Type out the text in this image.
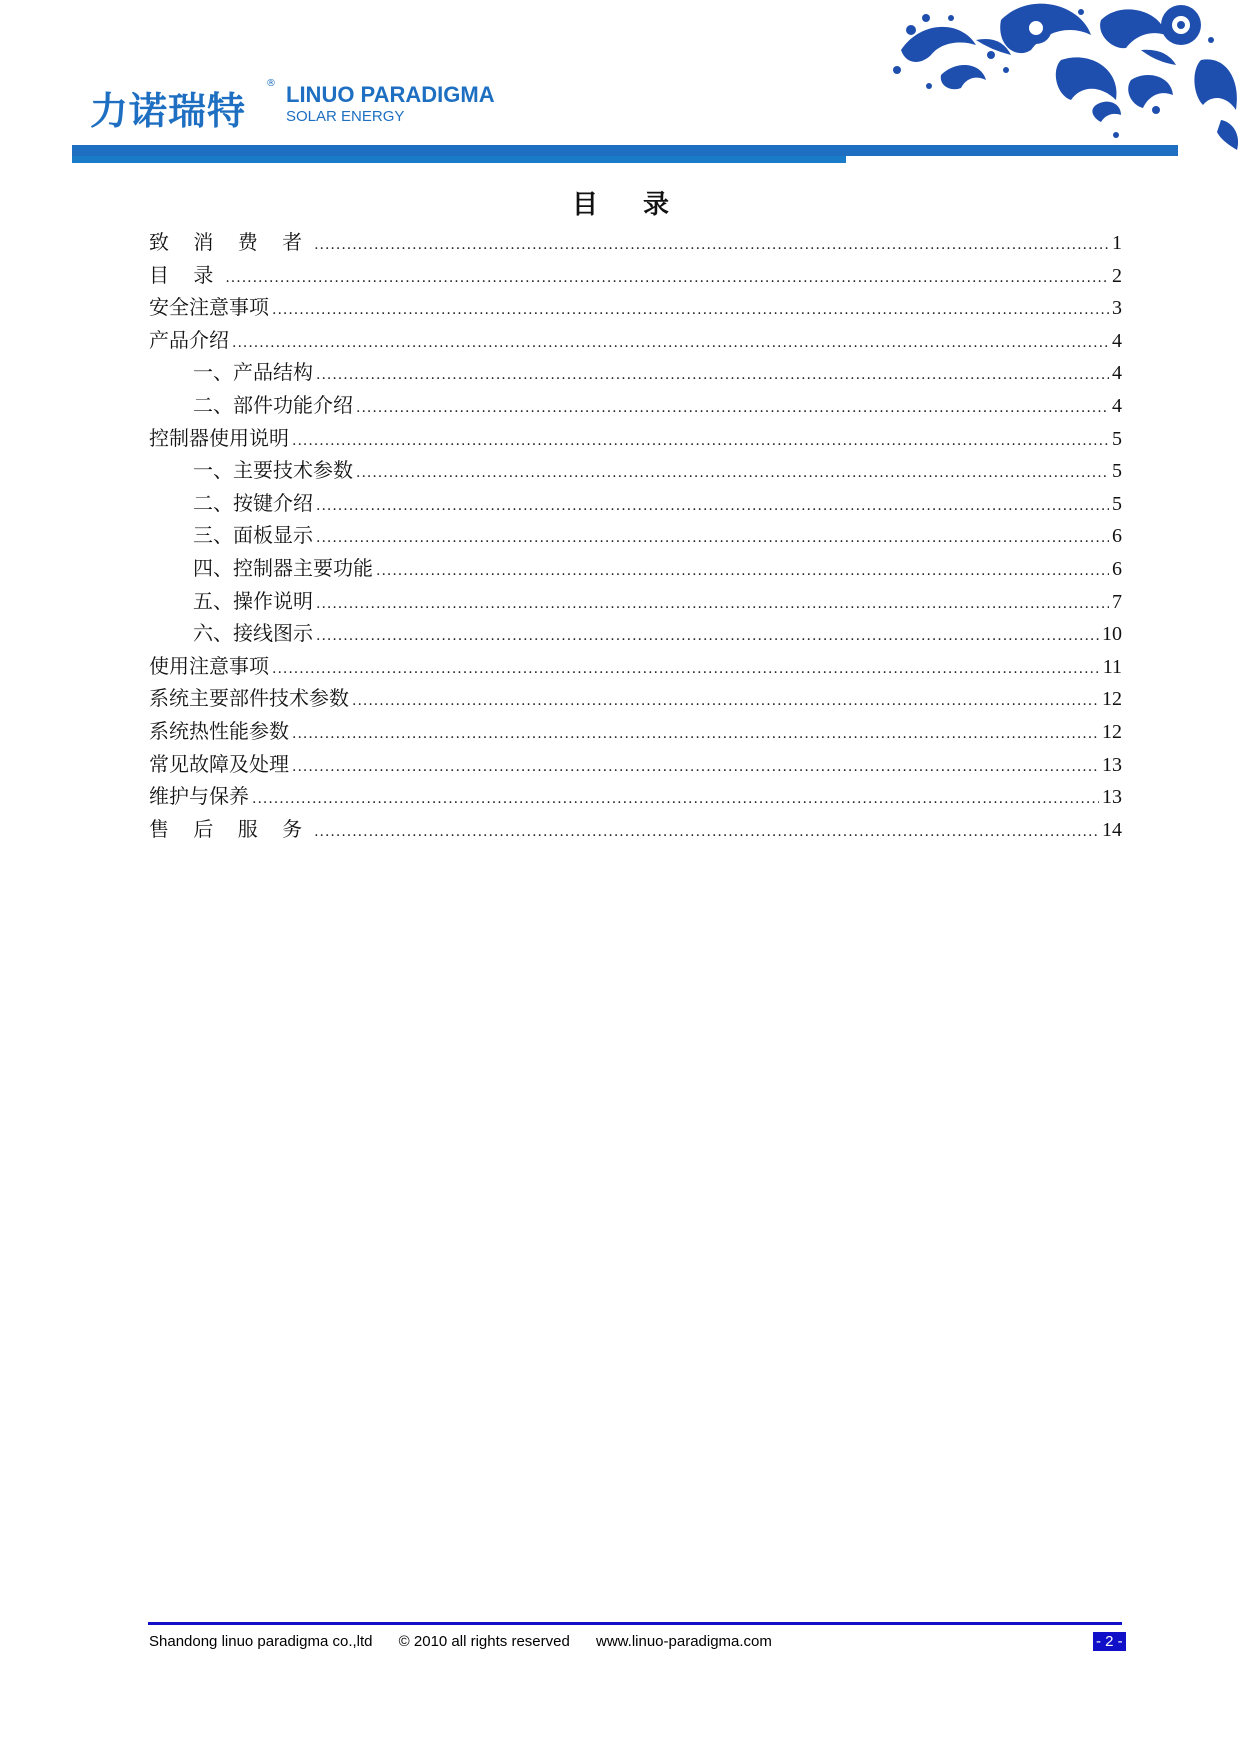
力诺瑞特
® LINUO PARADIGMA
SOLAR ENERGY
目 录
致 消 费 者 .....	1
目 录 .....	2
安全注意事项 .....	3
产品介绍 .....	4
一、产品结构 .....	4
二、部件功能介绍 .....	4
控制器使用说明 .....	5
一、主要技术参数 .....	5
二、按键介绍 .....	5
三、面板显示 .....	6
四、控制器主要功能 .....	6
五、操作说明 .....	7
六、接线图示 .....	10
使用注意事项 .....	11
系统主要部件技术参数 .....	12
系统热性能参数 .....	12
常见故障及处理 .....	13
维护与保养 .....	13
售 后 服 务 .....	14
Shandong linuo paradigma co.,ltd © 2010 all rights reserved www.linuo-paradigma.com	- 2 -
